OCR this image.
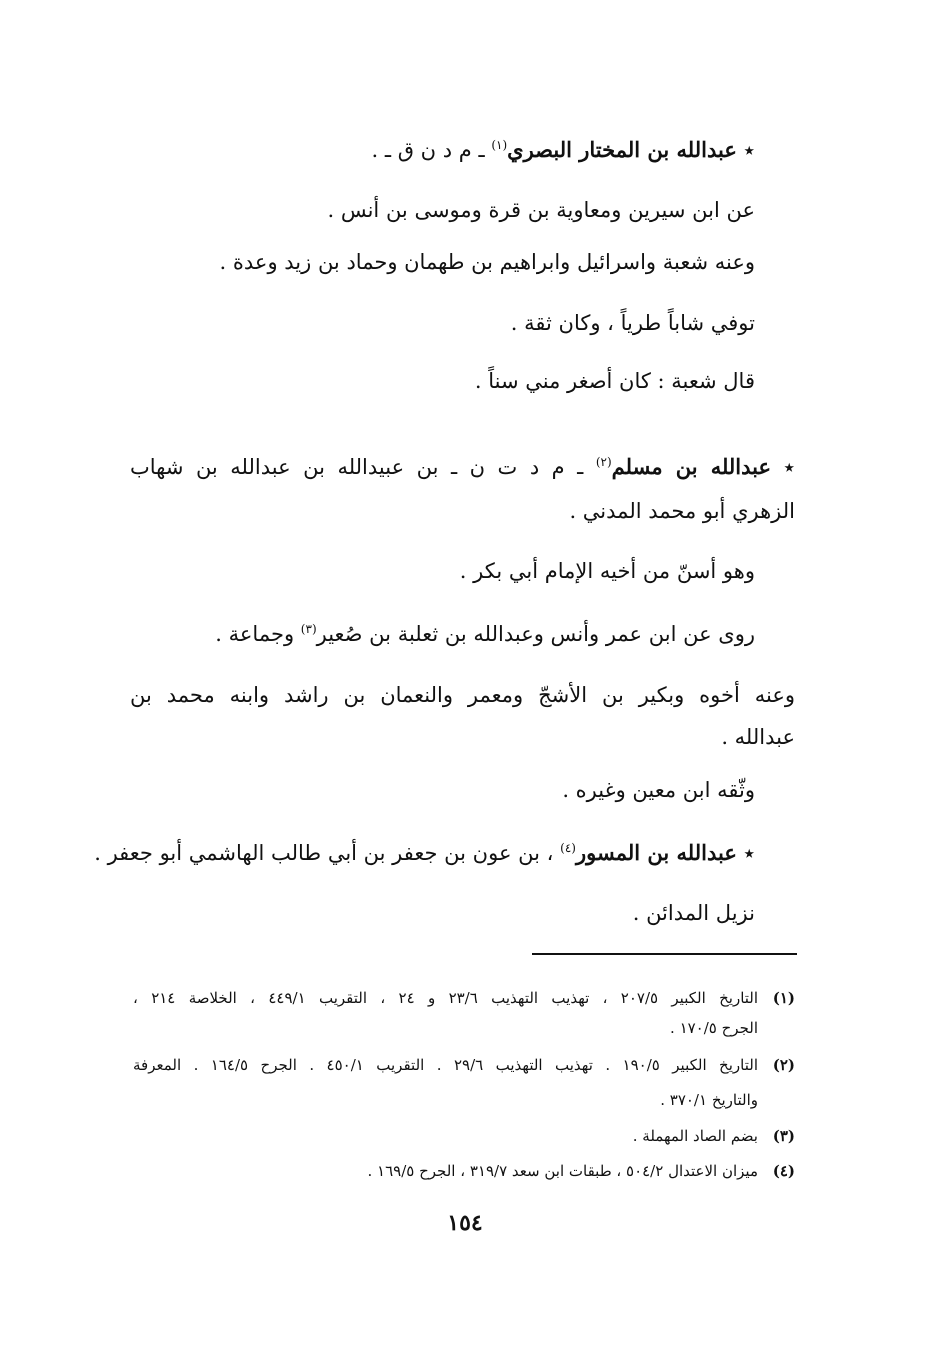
٭ عبدالله بن المختار البصري$^{(١)}$ ـ م د ن ق ـ .
عن ابن سيرين ومعاوية بن قرة وموسى بن أنس .
وعنه شعبة واسرائيل وابراهيم بن طهمان وحماد بن زيد وعدة .
توفي شاباً طرياً ، وكان ثقة .
قال شعبة : كان أصغر مني سناً .
٭ عبدالله بن مسلم$^{(٢)}$ ـ م د ت ن ـ بن عبيدالله بن عبدالله بن شهاب
الزهري أبو محمد المدني .
وهو أسنّ من أخيه الإمام أبي بكر .
روى عن ابن عمر وأنس وعبدالله بن ثعلبة بن صُعير$^{(٣)}$ وجماعة .
وعنه أخوه وبكير بن الأشجّ ومعمر والنعمان بن راشد وابنه محمد بن
عبدالله .
وثّقه ابن معين وغيره .
٭ عبدالله بن المسور$^{(٤)}$ ، بن عون بن جعفر بن أبي طالب الهاشمي أبو جعفر .
نزيل المدائن .
(١)
التاريخ الكبير ٢٠٧/٥ ، تهذيب التهذيب ٢٣/٦ و ٢٤ ، التقريب ٤٤٩/١ ، الخلاصة ٢١٤ ،
الجرح ١٧٠/٥ .
(٢)
التاريخ الكبير ١٩٠/٥ . تهذيب التهذيب ٢٩/٦ . التقريب ٤٥٠/١ . الجرح ١٦٤/٥ . المعرفة
والتاريخ ٣٧٠/١ .
(٣)
بضم الصاد المهملة .
(٤)
ميزان الاعتدال ٥٠٤/٢ ، طبقات ابن سعد ٣١٩/٧ ، الجرح ١٦٩/٥ .
١٥٤
